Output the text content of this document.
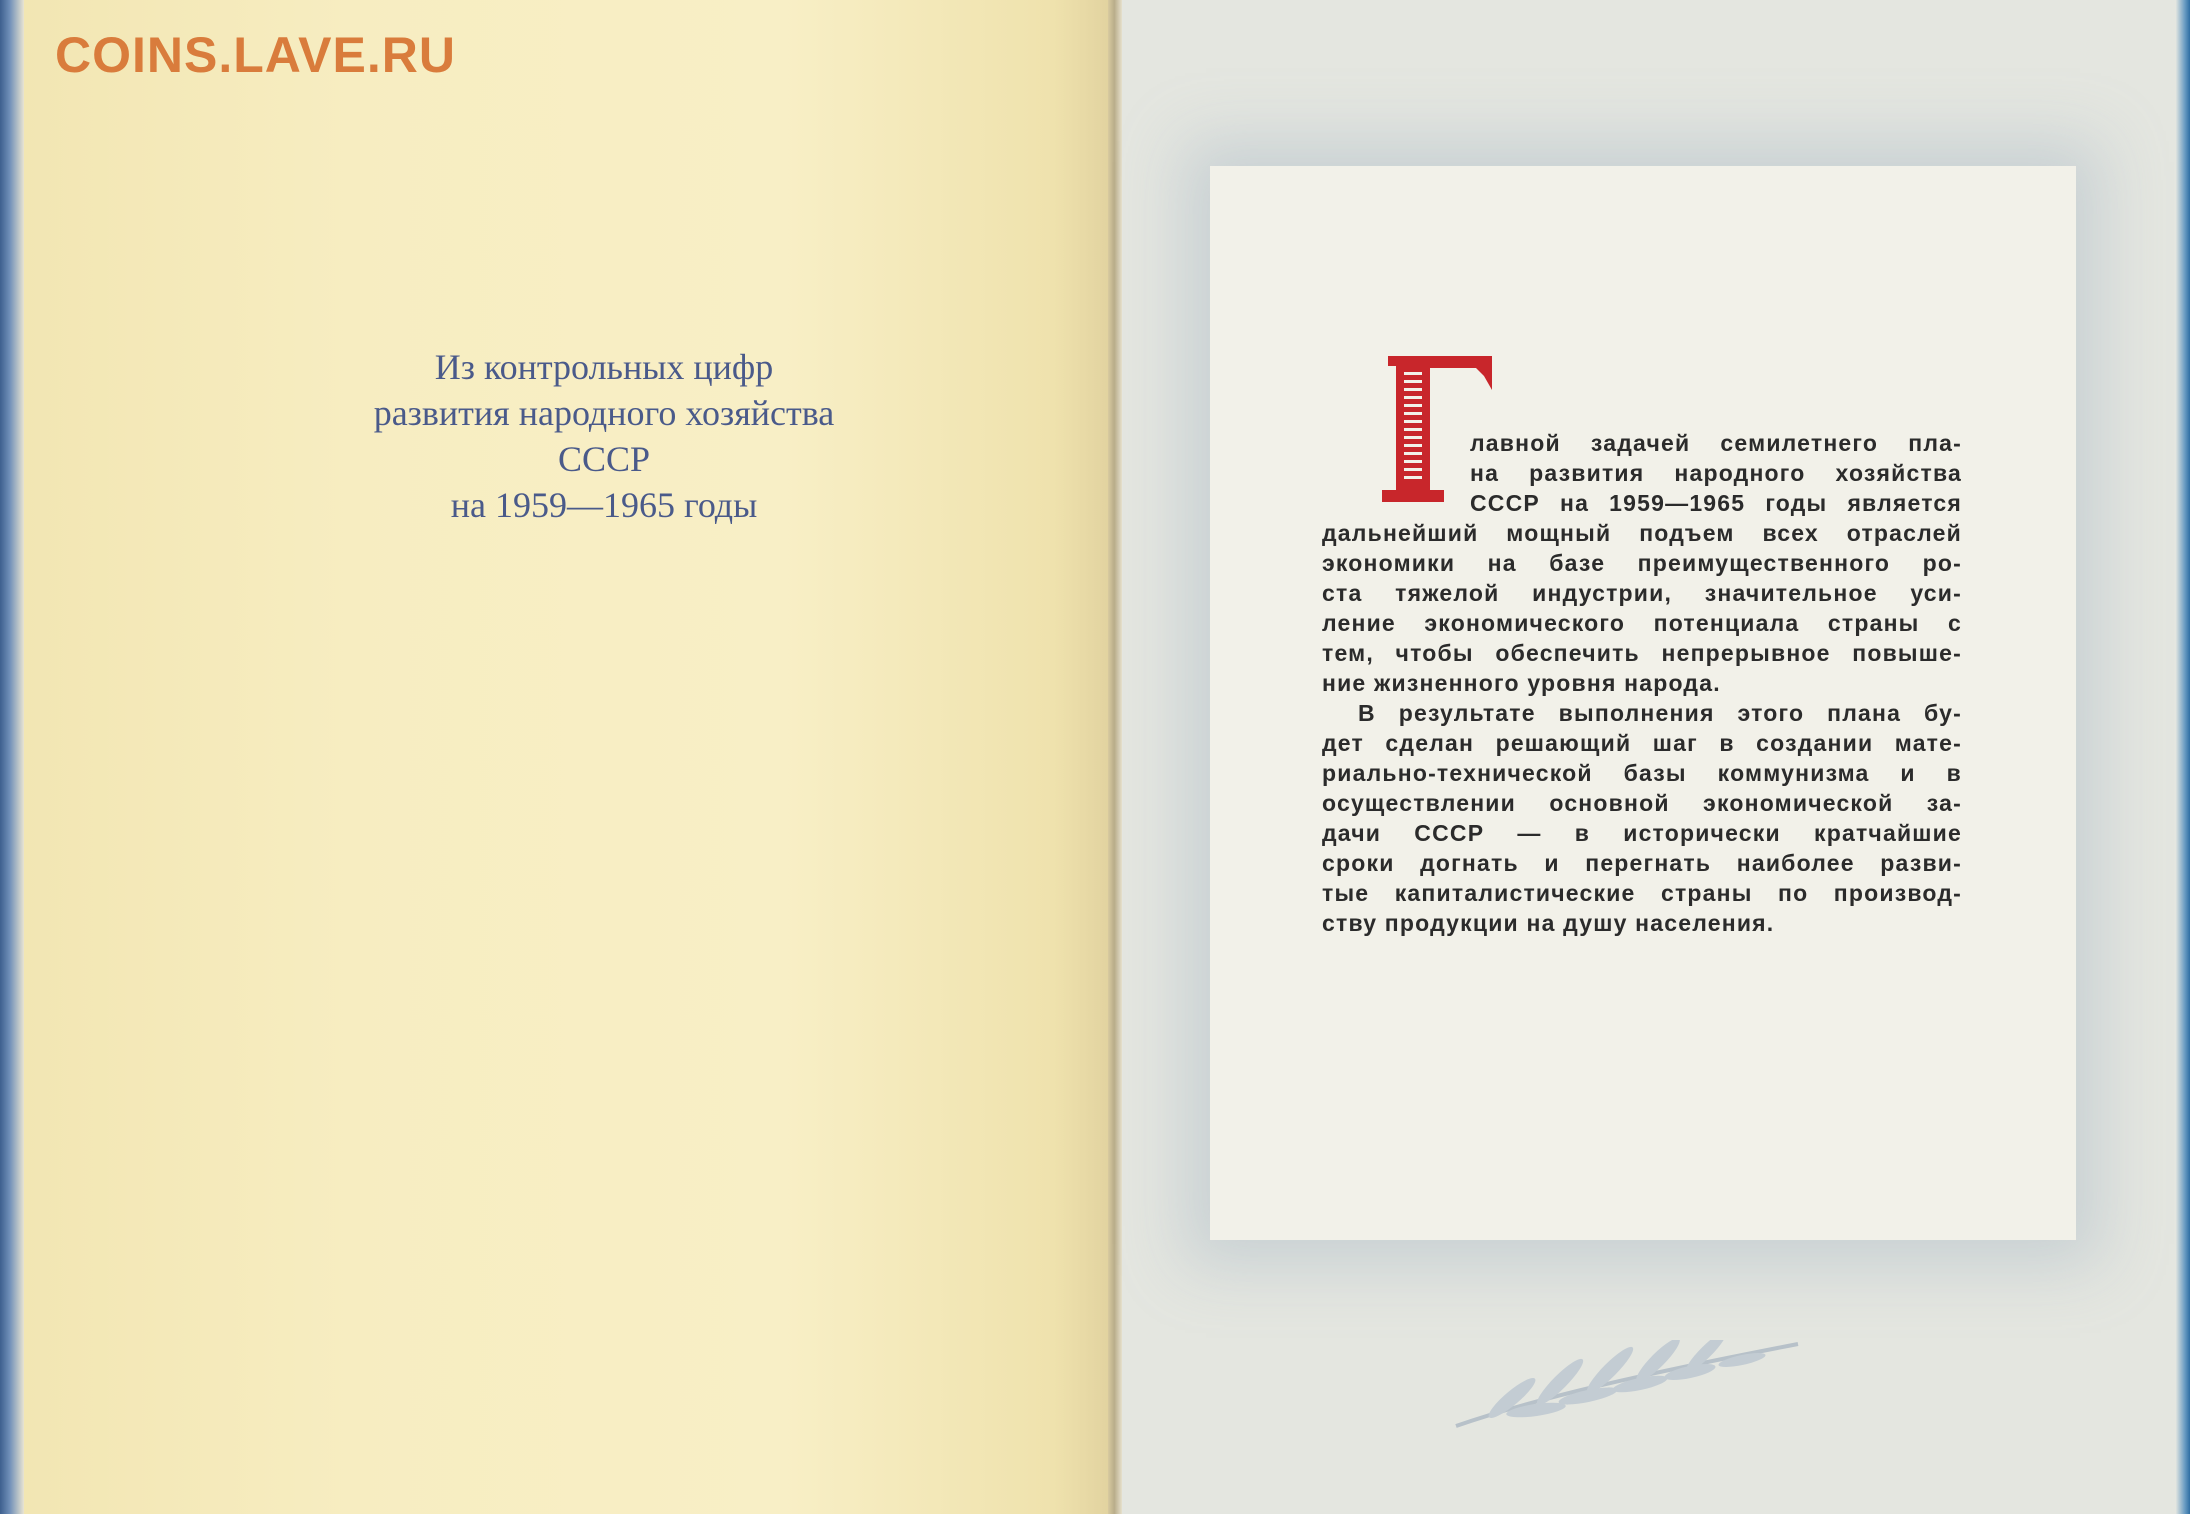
COINS.LAVE.RU
Из контрольных цифр
развития народного хозяйства
СССР
на 1959—1965 годы
лавной задачей семилетнего пла-
на развития народного хозяйства
СССР на 1959—1965 годы является
дальнейший мощный подъем всех отраслей
экономики на базе преимущественного ро-
ста тяжелой индустрии, значительное уси-
ление экономического потенциала страны с
тем, чтобы обеспечить непрерывное повыше-
ние жизненного уровня народа.
В результате выполнения этого плана бу-
дет сделан решающий шаг в создании мате-
риально-технической базы коммунизма и в
осуществлении основной экономической за-
дачи СССР — в исторически кратчайшие
сроки догнать и перегнать наиболее разви-
тые капиталистические страны по производ-
ству продукции на душу населения.
